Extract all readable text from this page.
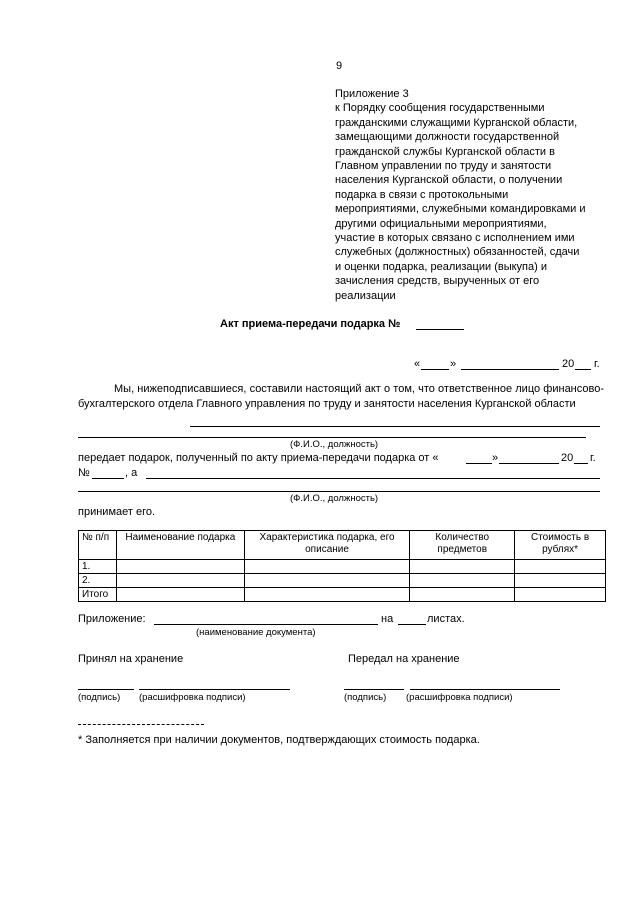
9
Приложение 3
к Порядку сообщения государственными
гражданскими служащими Курганской области,
замещающими должности государственной
гражданской службы Курганской области в
Главном управлении по труду и занятости
населения Курганской области, о получении
подарка в связи с протокольными
мероприятиями, служебными командировками и
другими официальными мероприятиями,
участие в которых связано с исполнением ими
служебных (должностных) обязанностей, сдачи
и оценки подарка, реализации (выкупа) и
зачисления средств, вырученных от его
реализации
Акт приема-передачи подарка №
«	»	20 г.
Мы, нижеподписавшиеся, составили настоящий акт о том, что ответственное лицо финансово-бухгалтерского отдела Главного управления по труду и занятости населения Курганской области
(Ф.И.О., должность)
передает подарок, полученный по акту приема-передачи подарка от «	»	20 г.
№	, а
(Ф.И.О., должность)
принимает его.
№ п/п	Наименование подарка	Характеристика подарка, его описание	Количество предметов	Стоимость в рублях*
1.				
2.				
Итого				
Приложение:	на	листах.
(наименование документа)
Принял на хранение	Передал на хранение
(подпись) (расшифровка подписи)	(подпись) (расшифровка подписи)
* Заполняется при наличии документов, подтверждающих стоимость подарка.
